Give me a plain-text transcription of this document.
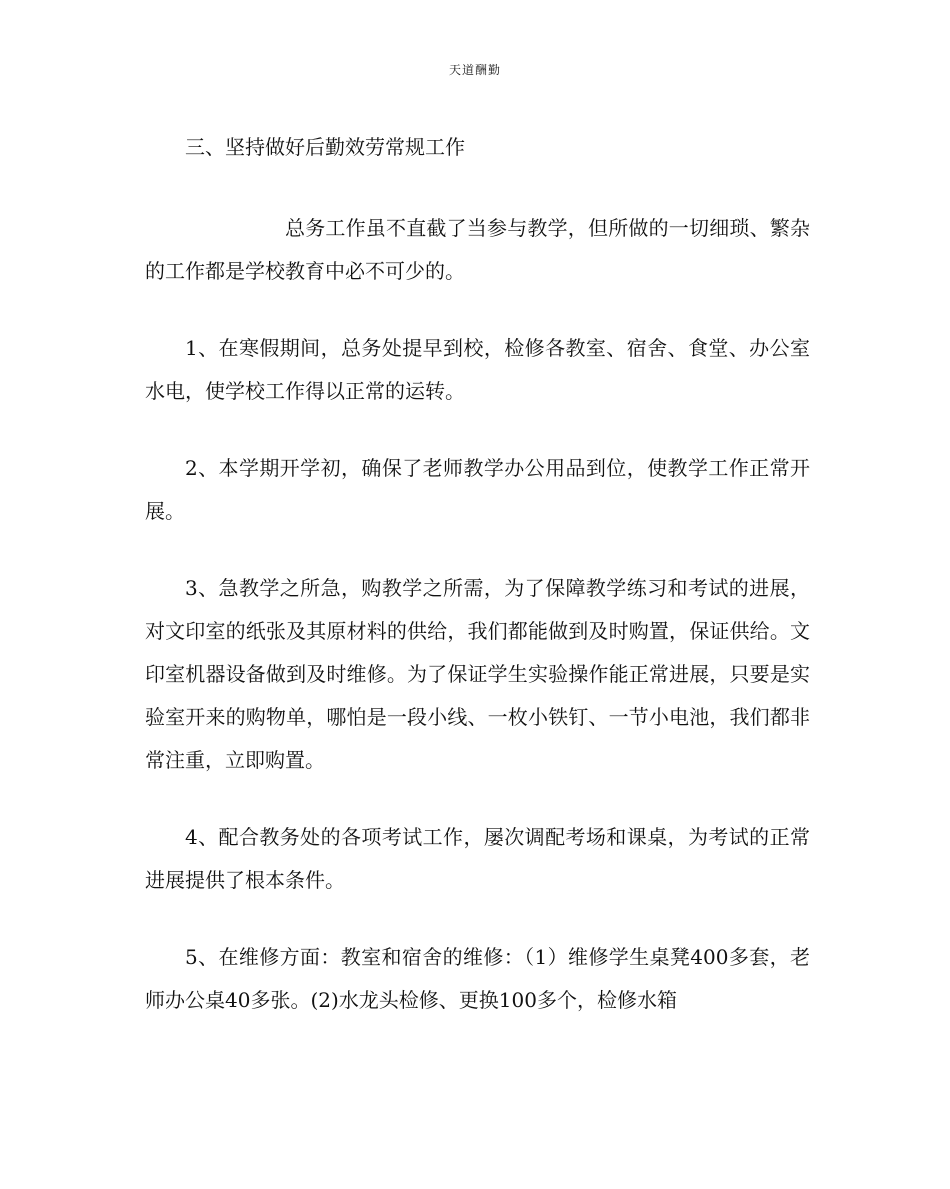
天道酬勤

三、坚持做好后勤效劳常规工作

总务工作虽不直截了当参与教学，但所做的一切细琐、繁杂的工作都是学校教育中必不可少的。

1、在寒假期间，总务处提早到校，检修各教室、宿舍、食堂、办公室水电，使学校工作得以正常的运转。

2、本学期开学初，确保了老师教学办公用品到位，使教学工作正常开展。

3、急教学之所急，购教学之所需，为了保障教学练习和考试的进展，对文印室的纸张及其原材料的供给，我们都能做到及时购置，保证供给。文印室机器设备做到及时维修。为了保证学生实验操作能正常进展，只要是实验室开来的购物单，哪怕是一段小线、一枚小铁钉、一节小电池，我们都非常注重，立即购置。

4、配合教务处的各项考试工作，屡次调配考场和课桌，为考试的正常进展提供了根本条件。

5、在维修方面：教室和宿舍的维修：（1）维修学生桌凳400多套，老师办公桌40多张。(2)水龙头检修、更换100多个，检修水箱
